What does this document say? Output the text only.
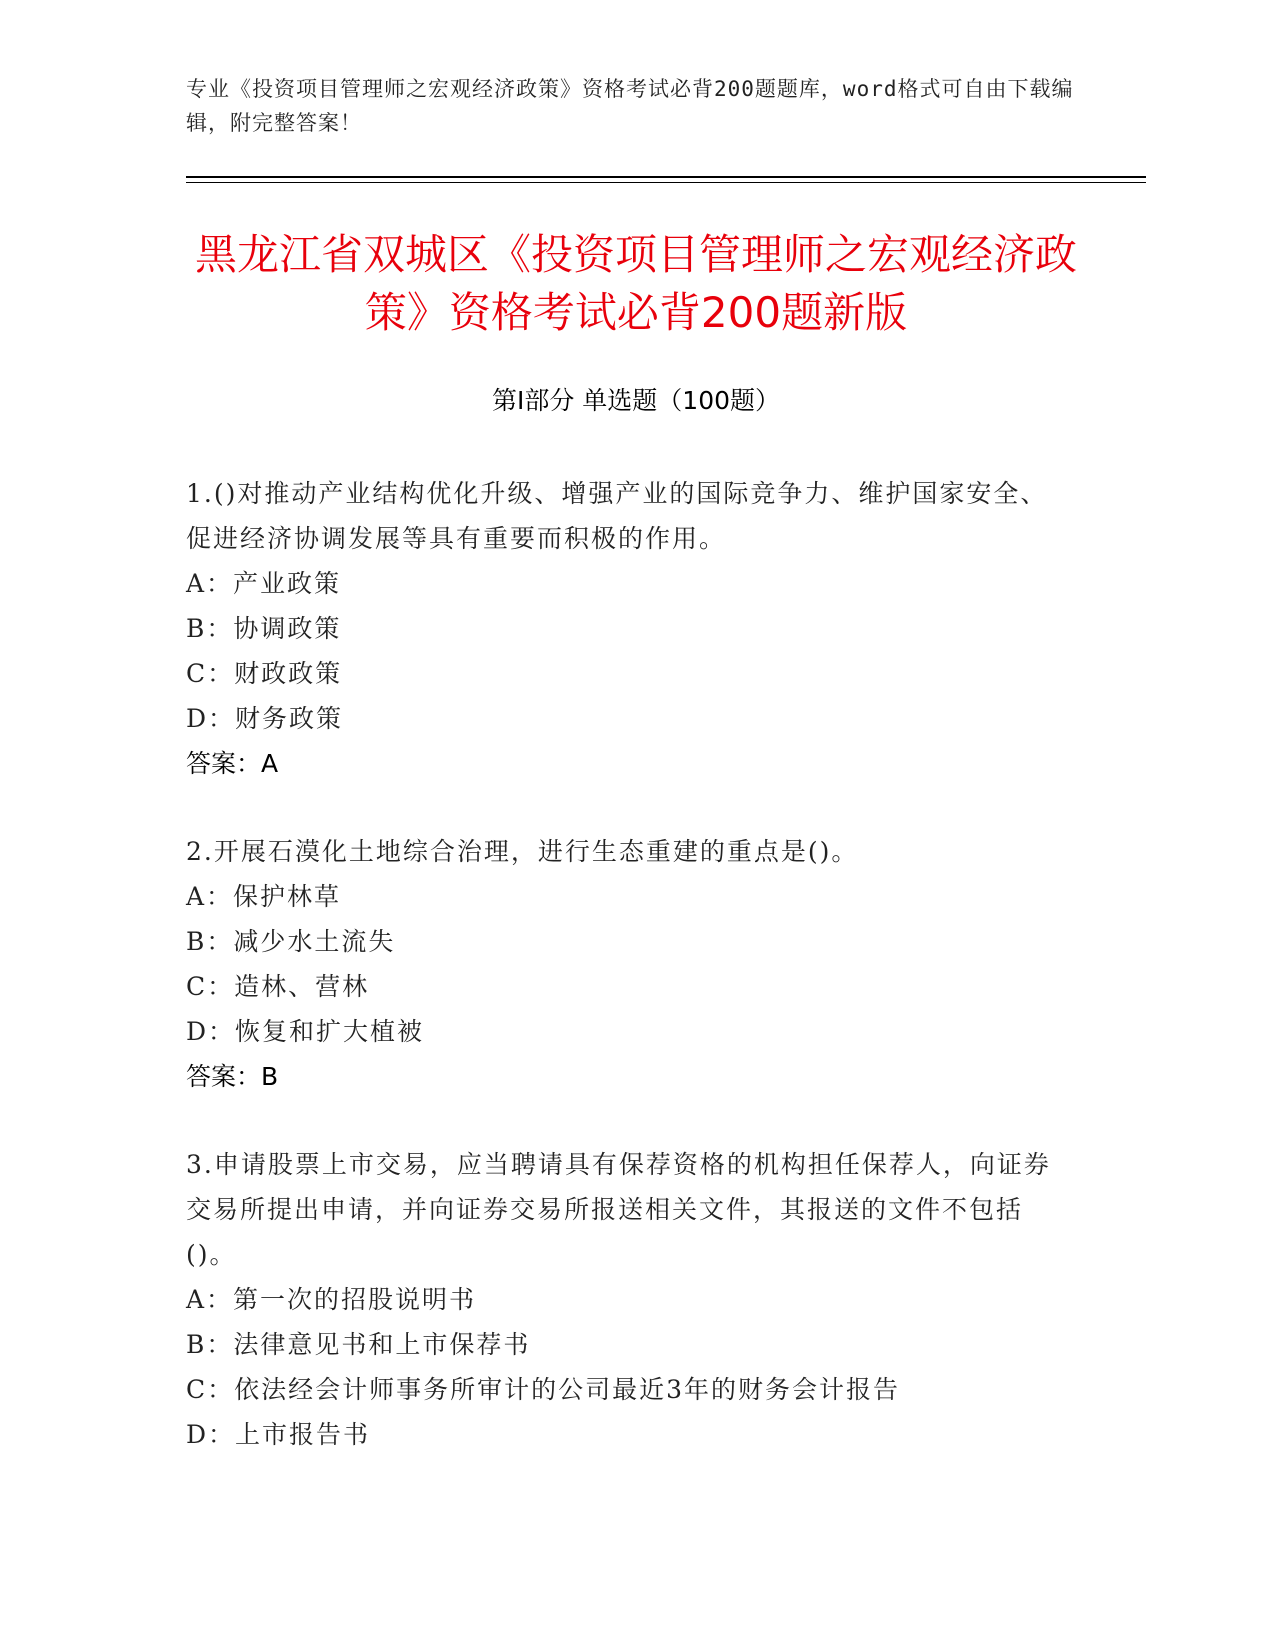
专业《投资项目管理师之宏观经济政策》资格考试必背200题题库，word格式可自由下载编辑，附完整答案！
黑龙江省双城区《投资项目管理师之宏观经济政策》资格考试必背200题新版
第I部分 单选题（100题）
1.()对推动产业结构优化升级、增强产业的国际竞争力、维护国家安全、促进经济协调发展等具有重要而积极的作用。
A：产业政策
B：协调政策
C：财政政策
D：财务政策
答案：A
2.开展石漠化土地综合治理，进行生态重建的重点是()。
A：保护林草
B：减少水土流失
C：造林、营林
D：恢复和扩大植被
答案：B
3.申请股票上市交易，应当聘请具有保荐资格的机构担任保荐人，向证券交易所提出申请，并向证券交易所报送相关文件，其报送的文件不包括()。
A：第一次的招股说明书
B：法律意见书和上市保荐书
C：依法经会计师事务所审计的公司最近3年的财务会计报告
D：上市报告书
